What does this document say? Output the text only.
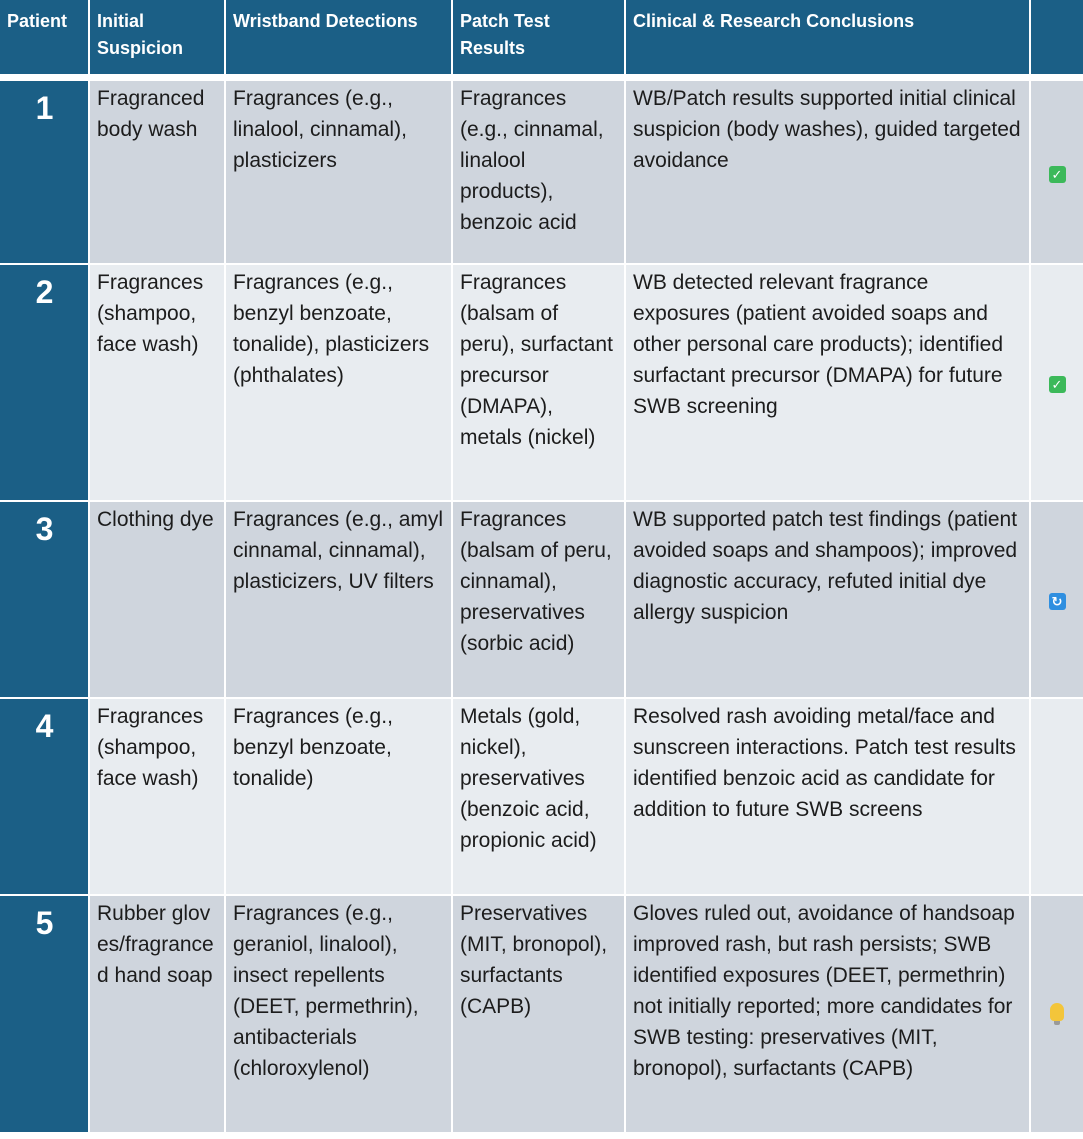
Patient	Initial Suspicion	Wristband Detections	Patch Test Results	Clinical & Research Conclusions	

1	Fragranced body wash	Fragrances (e.g., linalool, cinnamal), plasticizers	Fragrances (e.g., cinnamal, linalool products), benzoic acid	WB/Patch results supported initial clinical suspicion (body washes), guided targeted avoidance	✓
2	Fragrances (shampoo, face wash)	Fragrances (e.g., benzyl benzoate, tonalide), plasticizers (phthalates)	Fragrances (balsam of peru), surfactant precursor (DMAPA), metals (nickel)	WB detected relevant fragrance exposures (patient avoided soaps and other personal care products); identified surfactant precursor (DMAPA) for future SWB screening	✓
3	Clothing dye	Fragrances (e.g., amyl cinnamal, cinnamal), plasticizers, UV filters	Fragrances (balsam of peru, cinnamal), preservatives (sorbic acid)	WB supported patch test findings (patient avoided soaps and shampoos); improved diagnostic accuracy, refuted initial dye allergy suspicion	↻
4	Fragrances (shampoo, face wash)	Fragrances (e.g., benzyl benzoate, tonalide)	Metals (gold, nickel), preservatives (benzoic acid, propionic acid)	Resolved rash avoiding metal/face and sunscreen interactions. Patch test results identified benzoic acid as candidate for addition to future SWB screens	
5	Rubber gloves/fragranced hand soap	Fragrances (e.g., geraniol, linalool), insect repellents (DEET, permethrin), antibacterials (chloroxylenol)	Preservatives (MIT, bronopol), surfactants (CAPB)	Gloves ruled out, avoidance of handsoap improved rash, but rash persists; SWB identified exposures (DEET, permethrin) not initially reported; more candidates for SWB testing: preservatives (MIT, bronopol), surfactants (CAPB)	
